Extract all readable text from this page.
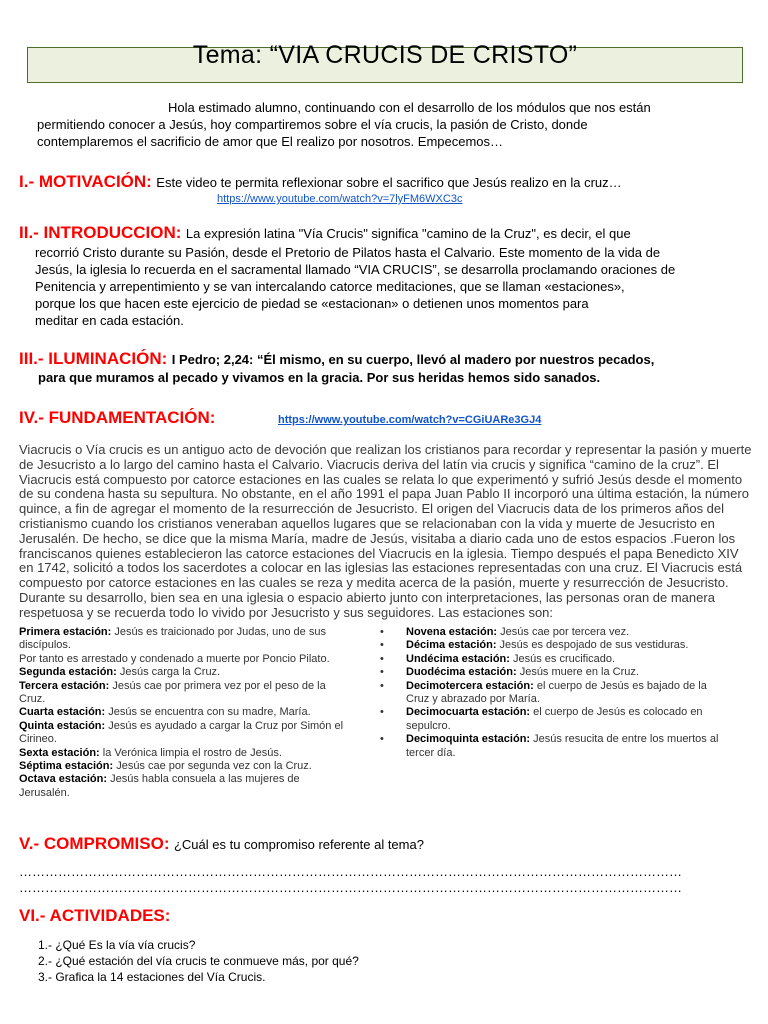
Tema: “VIA CRUCIS DE CRISTO”
Hola estimado alumno, continuando con el desarrollo de los módulos que nos están
permitiendo conocer a Jesús, hoy compartiremos sobre el vía crucis, la pasión de Cristo, donde
contemplaremos el sacrificio de amor que El realizo por nosotros. Empecemos…
I.- MOTIVACIÓN: Este video te permita reflexionar sobre el sacrifico que Jesús realizo en la cruz…
https://www.youtube.com/watch?v=7lyFM6WXC3c
II.- INTRODUCCION: La expresión latina "Vía Crucis" significa "camino de la Cruz", es decir, el que
recorrió Cristo durante su Pasión, desde el Pretorio de Pilatos hasta el Calvario. Este momento de la vida de
Jesús, la iglesia lo recuerda en el sacramental llamado “VIA CRUCIS”, se desarrolla proclamando oraciones de
Penitencia y arrepentimiento y se van intercalando catorce meditaciones, que se llaman «estaciones»,
porque los que hacen este ejercicio de piedad se «estacionan» o detienen unos momentos para
meditar en cada estación.
III.- ILUMINACIÓN: I Pedro; 2,24: “Él mismo, en su cuerpo, llevó al madero por nuestros pecados,
para que muramos al pecado y vivamos en la gracia. Por sus heridas hemos sido sanados.
IV.- FUNDAMENTACIÓN:	https://www.youtube.com/watch?v=CGiUARe3GJ4
Viacrucis o Vía crucis es un antiguo acto de devoción que realizan los cristianos para recordar y representar la pasión y muerte
de Jesucristo a lo largo del camino hasta el Calvario. Viacrucis deriva del latín via crucis y significa “camino de la cruz”. El
Viacrucis está compuesto por catorce estaciones en las cuales se relata lo que experimentó y sufrió Jesús desde el momento
de su condena hasta su sepultura. No obstante, en el año 1991 el papa Juan Pablo II incorporó una última estación, la número
quince, a fin de agregar el momento de la resurrección de Jesucristo. El origen del Viacrucis data de los primeros años del
cristianismo cuando los cristianos veneraban aquellos lugares que se relacionaban con la vida y muerte de Jesucristo en
Jerusalén. De hecho, se dice que la misma María, madre de Jesús, visitaba a diario cada uno de estos espacios .Fueron los
franciscanos quienes establecieron las catorce estaciones del Viacrucis en la iglesia. Tiempo después el papa Benedicto XIV
en 1742, solicitó a todos los sacerdotes a colocar en las iglesias las estaciones representadas con una cruz. El Viacrucis está
compuesto por catorce estaciones en las cuales se reza y medita acerca de la pasión, muerte y resurrección de Jesucristo.
Durante su desarrollo, bien sea en una iglesia o espacio abierto junto con interpretaciones, las personas oran de manera
respetuosa y se recuerda todo lo vivido por Jesucristo y sus seguidores. Las estaciones son:
Primera estación: Jesús es traicionado por Judas, uno de sus
discípulos.
Por tanto es arrestado y condenado a muerte por Poncio Pilato.
Segunda estación: Jesús carga la Cruz.
Tercera estación: Jesús cae por primera vez por el peso de la
Cruz.
Cuarta estación: Jesús se encuentra con su madre, María.
Quinta estación: Jesús es ayudado a cargar la Cruz por Simón el
Cirineo.
Sexta estación: la Verónica limpia el rostro de Jesús.
Séptima estación: Jesús cae por segunda vez con la Cruz.
Octava estación: Jesús habla consuela a las mujeres de
Jerusalén.
• Novena estación: Jesús cae por tercera vez.
• Décima estación: Jesús es despojado de sus vestiduras.
• Undécima estación: Jesús es crucificado.
• Duodécima estación: Jesús muere en la Cruz.
• Decimotercera estación: el cuerpo de Jesús es bajado de la
Cruz y abrazado por María.
• Decimocuarta estación: el cuerpo de Jesús es colocado en
sepulcro.
• Decimoquinta estación: Jesús resucita de entre los muertos al
tercer día.
V.- COMPROMISO: ¿Cuál es tu compromiso referente al tema?
………………………………………………………………………………………………………………………………………
………………………………………………………………………………………………………………………………………
VI.- ACTIVIDADES:
1.- ¿Qué Es la vía vía crucis?
2.- ¿Qué estación del vía crucis te conmueve más, por qué?
3.- Grafica la 14 estaciones del Vía Crucis.
